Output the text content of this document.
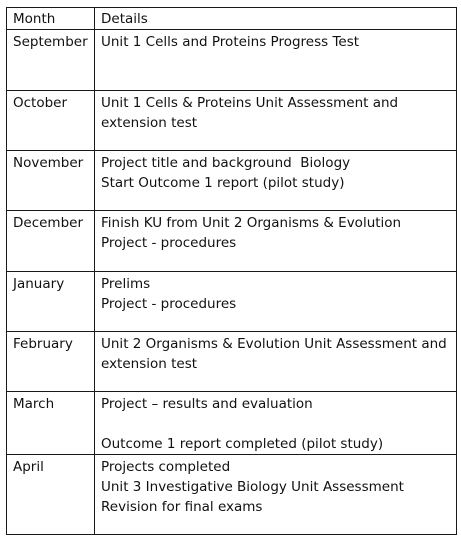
Month	Details
September	Unit 1 Cells and Proteins Progress Test

October	Unit 1 Cells & Proteins Unit Assessment and
extension test

November	Project title and background  Biology
Start Outcome 1 report (pilot study)

December	Finish KU from Unit 2 Organisms & Evolution
Project - procedures

January	Prelims
Project - procedures

February	Unit 2 Organisms & Evolution Unit Assessment and
extension test

March	Project – results and evaluation
Outcome 1 report completed (pilot study)

April	Projects completed
Unit 3 Investigative Biology Unit Assessment
Revision for final exams
